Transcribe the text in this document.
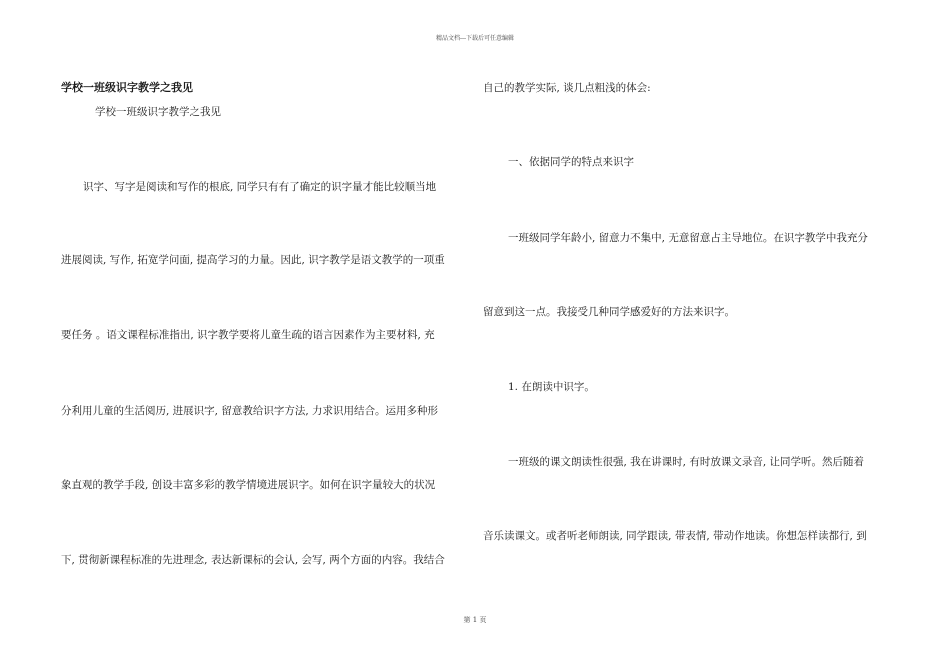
精品文档---下载后可任意编辑
学校一班级识字教学之我见
学校一班级识字教学之我见
识字、写字是阅读和写作的根底, 同学只有有了确定的识字量才能比较顺当地
进展阅读, 写作, 拓宽学问面, 提高学习的力量。因此, 识字教学是语文教学的一项重
要任务 。语文课程标准指出, 识字教学要将儿童生疏的语言因素作为主要材料, 充
分利用儿童的生活阅历, 进展识字, 留意教给识字方法, 力求识用结合。运用多种形
象直观的教学手段, 创设丰富多彩的教学情境进展识字。如何在识字量较大的状况
下, 贯彻新课程标准的先进理念, 表达新课标的会认, 会写, 两个方面的内容。我结合
自己的教学实际, 谈几点粗浅的体会:
一、依据同学的特点来识字
一班级同学年龄小, 留意力不集中, 无意留意占主导地位。在识字教学中我充分
留意到这一点。我接受几种同学感爱好的方法来识字。
1. 在朗读中识字。
一班级的课文朗读性很强, 我在讲课时, 有时放课文录音, 让同学听。然后随着
音乐读课文。或者听老师朗读, 同学跟读, 带表情, 带动作地读。你想怎样读都行, 到
第 1 页
